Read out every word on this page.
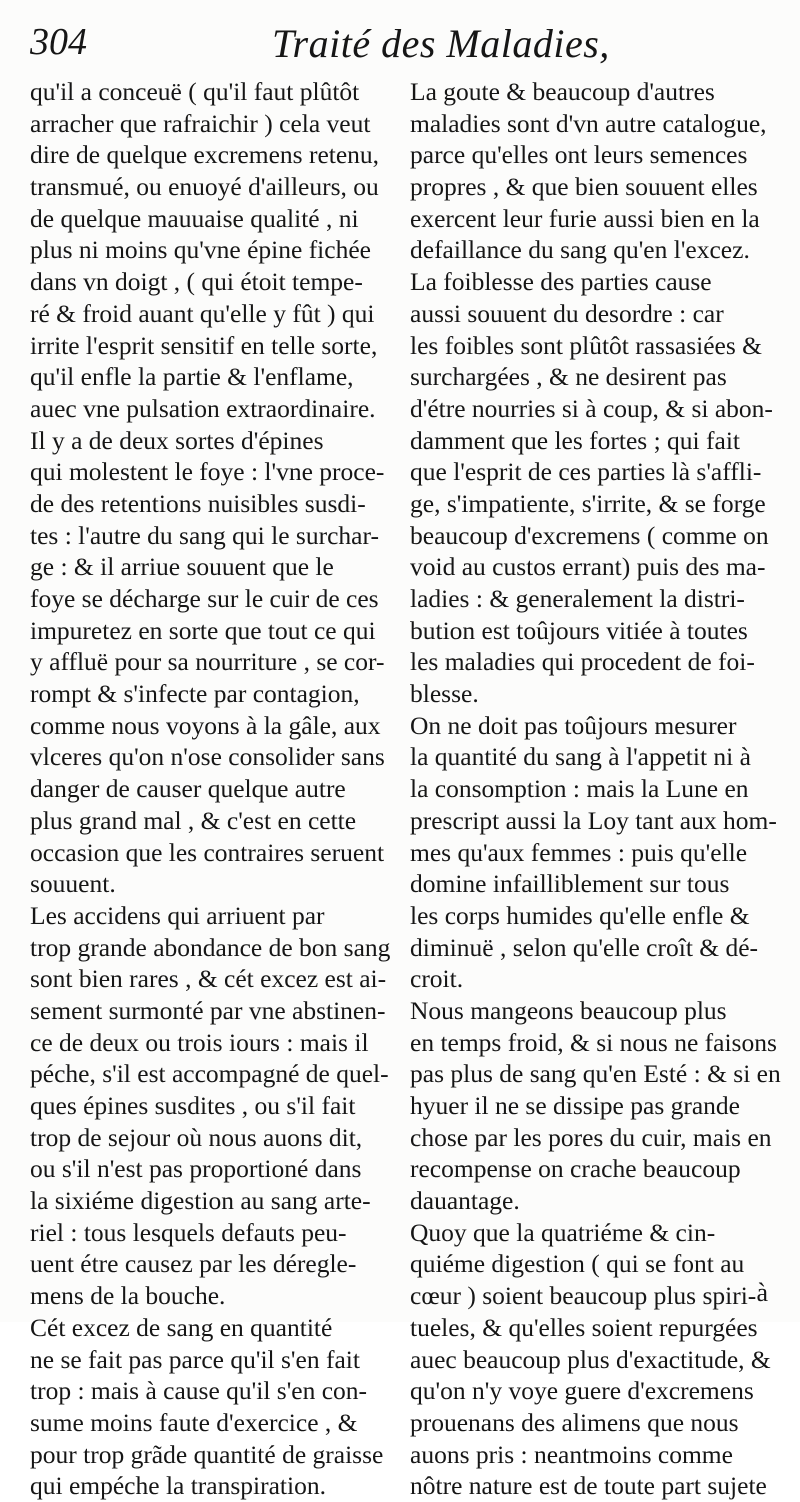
304	Traité des Maladies,
qu'il a conceuë ( qu'il faut plûtôt
arracher que rafraichir ) cela veut
dire de quelque excremens retenu,
transmué, ou enuoyé d'ailleurs, ou
de quelque mauuaise qualité , ni
plus ni moins qu'vne épine fichée
dans vn doigt , ( qui étoit tempe-
ré & froid auant qu'elle y fût ) qui
irrite l'esprit sensitif en telle sorte,
qu'il enfle la partie & l'enflame,
auec vne pulsation extraordinaire.
Il y a de deux sortes d'épines
qui molestent le foye : l'vne proce-
de des retentions nuisibles susdi-
tes : l'autre du sang qui le surchar-
ge : & il arriue souuent que le
foye se décharge sur le cuir de ces
impuretez en sorte que tout ce qui
y affluë pour sa nourriture , se cor-
rompt & s'infecte par contagion,
comme nous voyons à la gâle, aux
vlceres qu'on n'ose consolider sans
danger de causer quelque autre
plus grand mal , & c'est en cette
occasion que les contraires seruent
souuent.
Les accidens qui arriuent par
trop grande abondance de bon sang
sont bien rares , & cét excez est ai-
sement surmonté par vne abstinen-
ce de deux ou trois iours : mais il
péche, s'il est accompagné de quel-
ques épines susdites , ou s'il fait
trop de sejour où nous auons dit,
ou s'il n'est pas proportioné dans
la sixiéme digestion au sang arte-
riel : tous lesquels defauts peu-
uent étre causez par les déregle-
mens de la bouche.
Cét excez de sang en quantité
ne se fait pas parce qu'il s'en fait
trop : mais à cause qu'il s'en con-
sume moins faute d'exercice , &
pour trop grãde quantité de graisse
qui empéche la transpiration.
La goute & beaucoup d'autres
maladies sont d'vn autre catalogue,
parce qu'elles ont leurs semences
propres , & que bien souuent elles
exercent leur furie aussi bien en la
defaillance du sang qu'en l'excez.
La foiblesse des parties cause
aussi souuent du desordre : car
les foibles sont plûtôt rassasiées &
surchargées , & ne desirent pas
d'étre nourries si à coup, & si abon-
damment que les fortes ; qui fait
que l'esprit de ces parties là s'affli-
ge, s'impatiente, s'irrite, & se forge
beaucoup d'excremens ( comme on
void au custos errant) puis des ma-
ladies : & generalement la distri-
bution est toûjours vitiée à toutes
les maladies qui procedent de foi-
blesse.
On ne doit pas toûjours mesurer
la quantité du sang à l'appetit ni à
la consomption : mais la Lune en
prescript aussi la Loy tant aux hom-
mes qu'aux femmes : puis qu'elle
domine infailliblement sur tous
les corps humides qu'elle enfle &
diminuë , selon qu'elle croît & dé-
croit.
Nous mangeons beaucoup plus
en temps froid, & si nous ne faisons
pas plus de sang qu'en Esté : & si en
hyuer il ne se dissipe pas grande
chose par les pores du cuir, mais en
recompense on crache beaucoup
dauantage.
Quoy que la quatriéme & cin-
quiéme digestion ( qui se font au
cœur ) soient beaucoup plus spiri-
tueles, & qu'elles soient repurgées
auec beaucoup plus d'exactitude, &
qu'on n'y voye guere d'excremens
prouenans des alimens que nous
auons pris : neantmoins comme
nôtre nature est de toute part sujete
à
